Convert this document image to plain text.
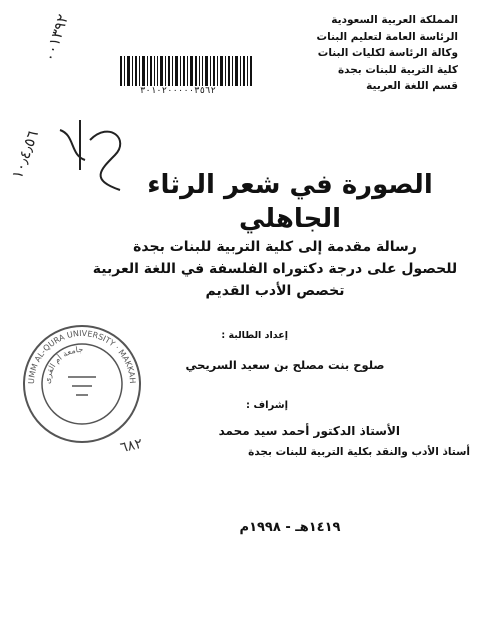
المملكة العربية السعودية
الرئاسة العامة لتعليم البنات
وكالة الرئاسة لكليات البنات
كلية التربية للبنات بجدة
قسم اللغة العربية
٣٠١٠٢٠٠٠٠٠٣٥٦٢
٠٠١٣٩٢
١٠٫٤٫٥٦
الصورة في شعر الرثاء الجاهلي
رسالة مقدمة إلى كلية التربية للبنات بجدة
للحصول على درجة دكتوراه الفلسفة في اللغة العربية
تخصص الأدب القديم
إعداد الطالبة :
صلوح بنت مصلح بن سعيد السريحي
إشراف :
الأستاذ الدكتور أحمد سيد محمد
أستاذ الأدب والنقد بكلية التربية للبنات بجدة
١٤١٩هـ - ١٩٩٨م
UMM AL-QURA UNIVERSITY · MAKKAH
جامعة أم القرى
٦٨٢
